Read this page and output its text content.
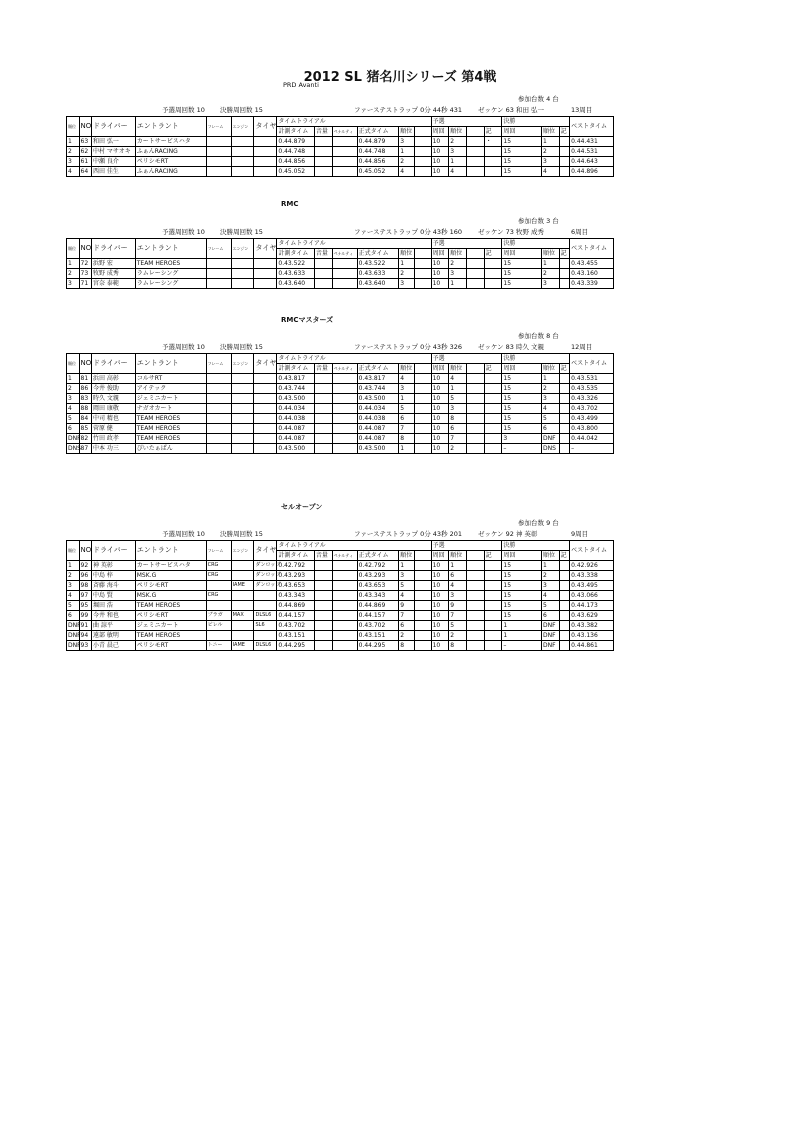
2012 SL 猪名川シリーズ 第4戦
PRD Avanti
参加台数 4 台
予選周回数 10 決勝周回数 15	ファーステストラップ 0分 44秒 431 ゼッケン 63 和田 弘一	13周目
順位	NO	ドライバー	エントラント	フレーム	エンジン	タイヤ	タイムトライアル						予選				決勝			ベストタイム
							計測タイム	音量	ペナルティ	正式タイム	順位		周回	順位		記	周回	順位	記	
1	63	和田 弘一	カートサービスハタ				0.44.879			0.44.879	3		10	2		・	15	1		0.44.431
2	62	中村 マサオキ	ふぁんRACING				0.44.748			0.44.748	1		10	3			15	2		0.44.531
3	61	中瀬 良介	ペリシモRT				0.44.856			0.44.856	2		10	1			15	3		0.44.643
4	64	西田 佳生	ふぁんRACING				0.45.052			0.45.052	4		10	4			15	4		0.44.896
RMC
参加台数 3 台
予選周回数 10 決勝周回数 15	ファーステストラップ 0分 43秒 160 ゼッケン 73 牧野 成秀	6周目
順位	NO	ドライバー	エントラント	フレーム	エンジン	タイヤ	タイムトライアル						予選				決勝			ベストタイム
							計測タイム	音量	ペナルティ	正式タイム	順位		周回	順位		記	周回	順位	記	
1	72	浜野 宏	TEAM HEROES				0.43.522			0.43.522	1		10	2			15	1		0.43.455
2	73	牧野 成秀	ラムレーシング				0.43.633			0.43.633	2		10	3			15	2		0.43.160
3	71	宮奈 泰範	ラムレーシング				0.43.640			0.43.640	3		10	1			15	3		0.43.339
RMCマスターズ
参加台数 8 台
予選周回数 10 決勝周回数 15	ファーステストラップ 0分 43秒 326 ゼッケン 83 時久 文親	12周目
順位	NO	ドライバー	エントラント	フレーム	エンジン	タイヤ	タイムトライアル						予選				決勝			ベストタイム
							計測タイム	音量	ペナルティ	正式タイム	順位		周回	順位		記	周回	順位	記	
1	81	浜田 高彰	コルサRT				0.43.817			0.43.817	4		10	4			15	1		0.43.531
2	86	今井 俊助	アイテック				0.43.744			0.43.744	3		10	1			15	2		0.43.535
3	83	時久 文親	ジェミニカート				0.43.500			0.43.500	1		10	5			15	3		0.43.326
4	88	岡田 康敬	ナガオカート				0.44.034			0.44.034	5		10	3			15	4		0.43.702
5	84	中司 精也	TEAM HEROES				0.44.038			0.44.038	6		10	8			15	5		0.43.499
6	85	菅原 健	TEAM HEROES				0.44.087			0.44.087	7		10	6			15	6		0.43.800
DNF	82	竹田 政孝	TEAM HEROES				0.44.087			0.44.087	8		10	7			3	DNF		0.44.042
DNS	87	中本 功三	ぴいたぁぱん				0.43.500			0.43.500	1		10	2			–	DNS		–
セルオープン
参加台数 9 台
予選周回数 10 決勝周回数 15	ファーステストラップ 0分 43秒 201 ゼッケン 92 神 英彰	9周目
順位	NO	ドライバー	エントラント	フレーム	エンジン	タイヤ	タイムトライアル						予選				決勝			ベストタイム
							計測タイム	音量	ペナルティ	正式タイム	順位		周回	順位		記	周回	順位	記	
1	92	神 英彰	カートサービスハタ	CRG		ダンロップ	0.42.792			0.42.792	1		10	1			15	1		0.42.926
2	96	中島 梓	MSK.G	CRG		ダンロップ	0.43.293			0.43.293	3		10	6			15	2		0.43.338
3	98	斉藤 海斗	ペリシモRT		IAME	ダンロップ	0.43.653			0.43.653	5		10	4			15	3		0.43.495
4	97	中島 賢	MSK.G	CRG			0.43.343			0.43.343	4		10	3			15	4		0.43.066
5	95	堀田 浩	TEAM HEROES				0.44.869			0.44.869	9		10	9			15	5		0.44.173
6	99	今井 和也	ペリシモRT	ブラガ	MAX	DLSL6	0.44.157			0.44.157	7		10	7			15	6		0.43.629
DNF	91	曲 諒平	ジェミニカート	ビレル		SL6	0.43.702			0.43.702	6		10	5			1	DNF		0.43.382
DNF	94	遠部 敏明	TEAM HEROES				0.43.151			0.43.151	2		10	2			1	DNF		0.43.136
DNF	93	小青 晨己	ペリシモRT	トニー	IAME	DLSL6	0.44.295			0.44.295	8		10	8			–	DNF		0.44.861
